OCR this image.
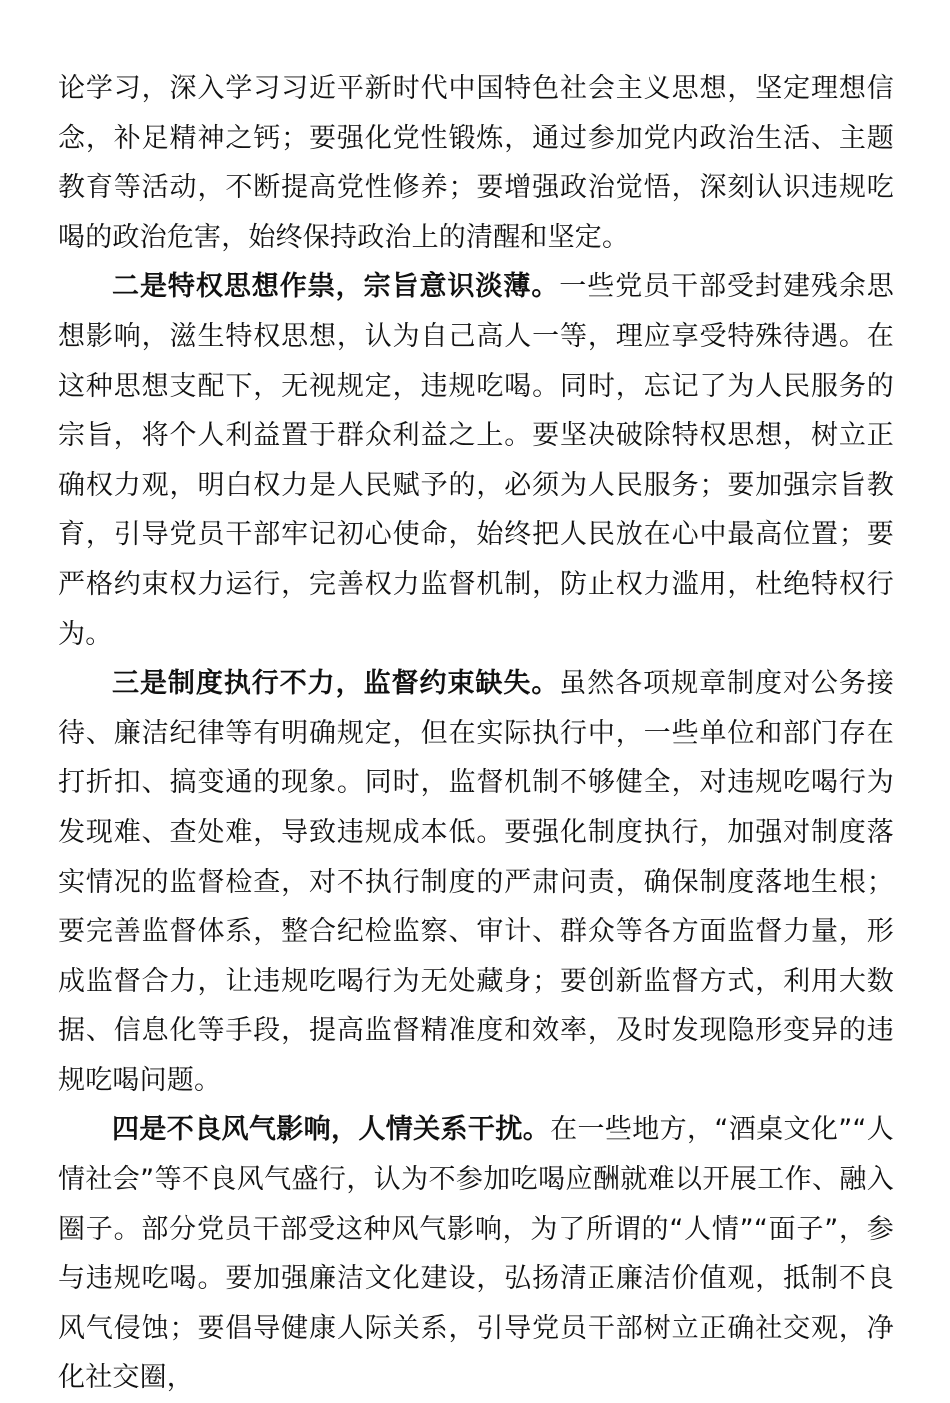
论学习，深入学习习近平新时代中国特色社会主义思想，坚定理想信念，补足精神之钙；要强化党性锻炼，通过参加党内政治生活、主题教育等活动，不断提高党性修养；要增强政治觉悟，深刻认识违规吃喝的政治危害，始终保持政治上的清醒和坚定。

二是特权思想作祟，宗旨意识淡薄。一些党员干部受封建残余思想影响，滋生特权思想，认为自己高人一等，理应享受特殊待遇。在这种思想支配下，无视规定，违规吃喝。同时，忘记了为人民服务的宗旨，将个人利益置于群众利益之上。要坚决破除特权思想，树立正确权力观，明白权力是人民赋予的，必须为人民服务；要加强宗旨教育，引导党员干部牢记初心使命，始终把人民放在心中最高位置；要严格约束权力运行，完善权力监督机制，防止权力滥用，杜绝特权行为。

三是制度执行不力，监督约束缺失。虽然各项规章制度对公务接待、廉洁纪律等有明确规定，但在实际执行中，一些单位和部门存在打折扣、搞变通的现象。同时，监督机制不够健全，对违规吃喝行为发现难、查处难，导致违规成本低。要强化制度执行，加强对制度落实情况的监督检查，对不执行制度的严肃问责，确保制度落地生根；要完善监督体系，整合纪检监察、审计、群众等各方面监督力量，形成监督合力，让违规吃喝行为无处藏身；要创新监督方式，利用大数据、信息化等手段，提高监督精准度和效率，及时发现隐形变异的违规吃喝问题。

四是不良风气影响，人情关系干扰。在一些地方，“酒桌文化”“人情社会”等不良风气盛行，认为不参加吃喝应酬就难以开展工作、融入圈子。部分党员干部受这种风气影响，为了所谓的“人情”“面子”，参与违规吃喝。要加强廉洁文化建设，弘扬清正廉洁价值观，抵制不良风气侵蚀；要倡导健康人际关系，引导党员干部树立正确社交观，净化社交圈，
